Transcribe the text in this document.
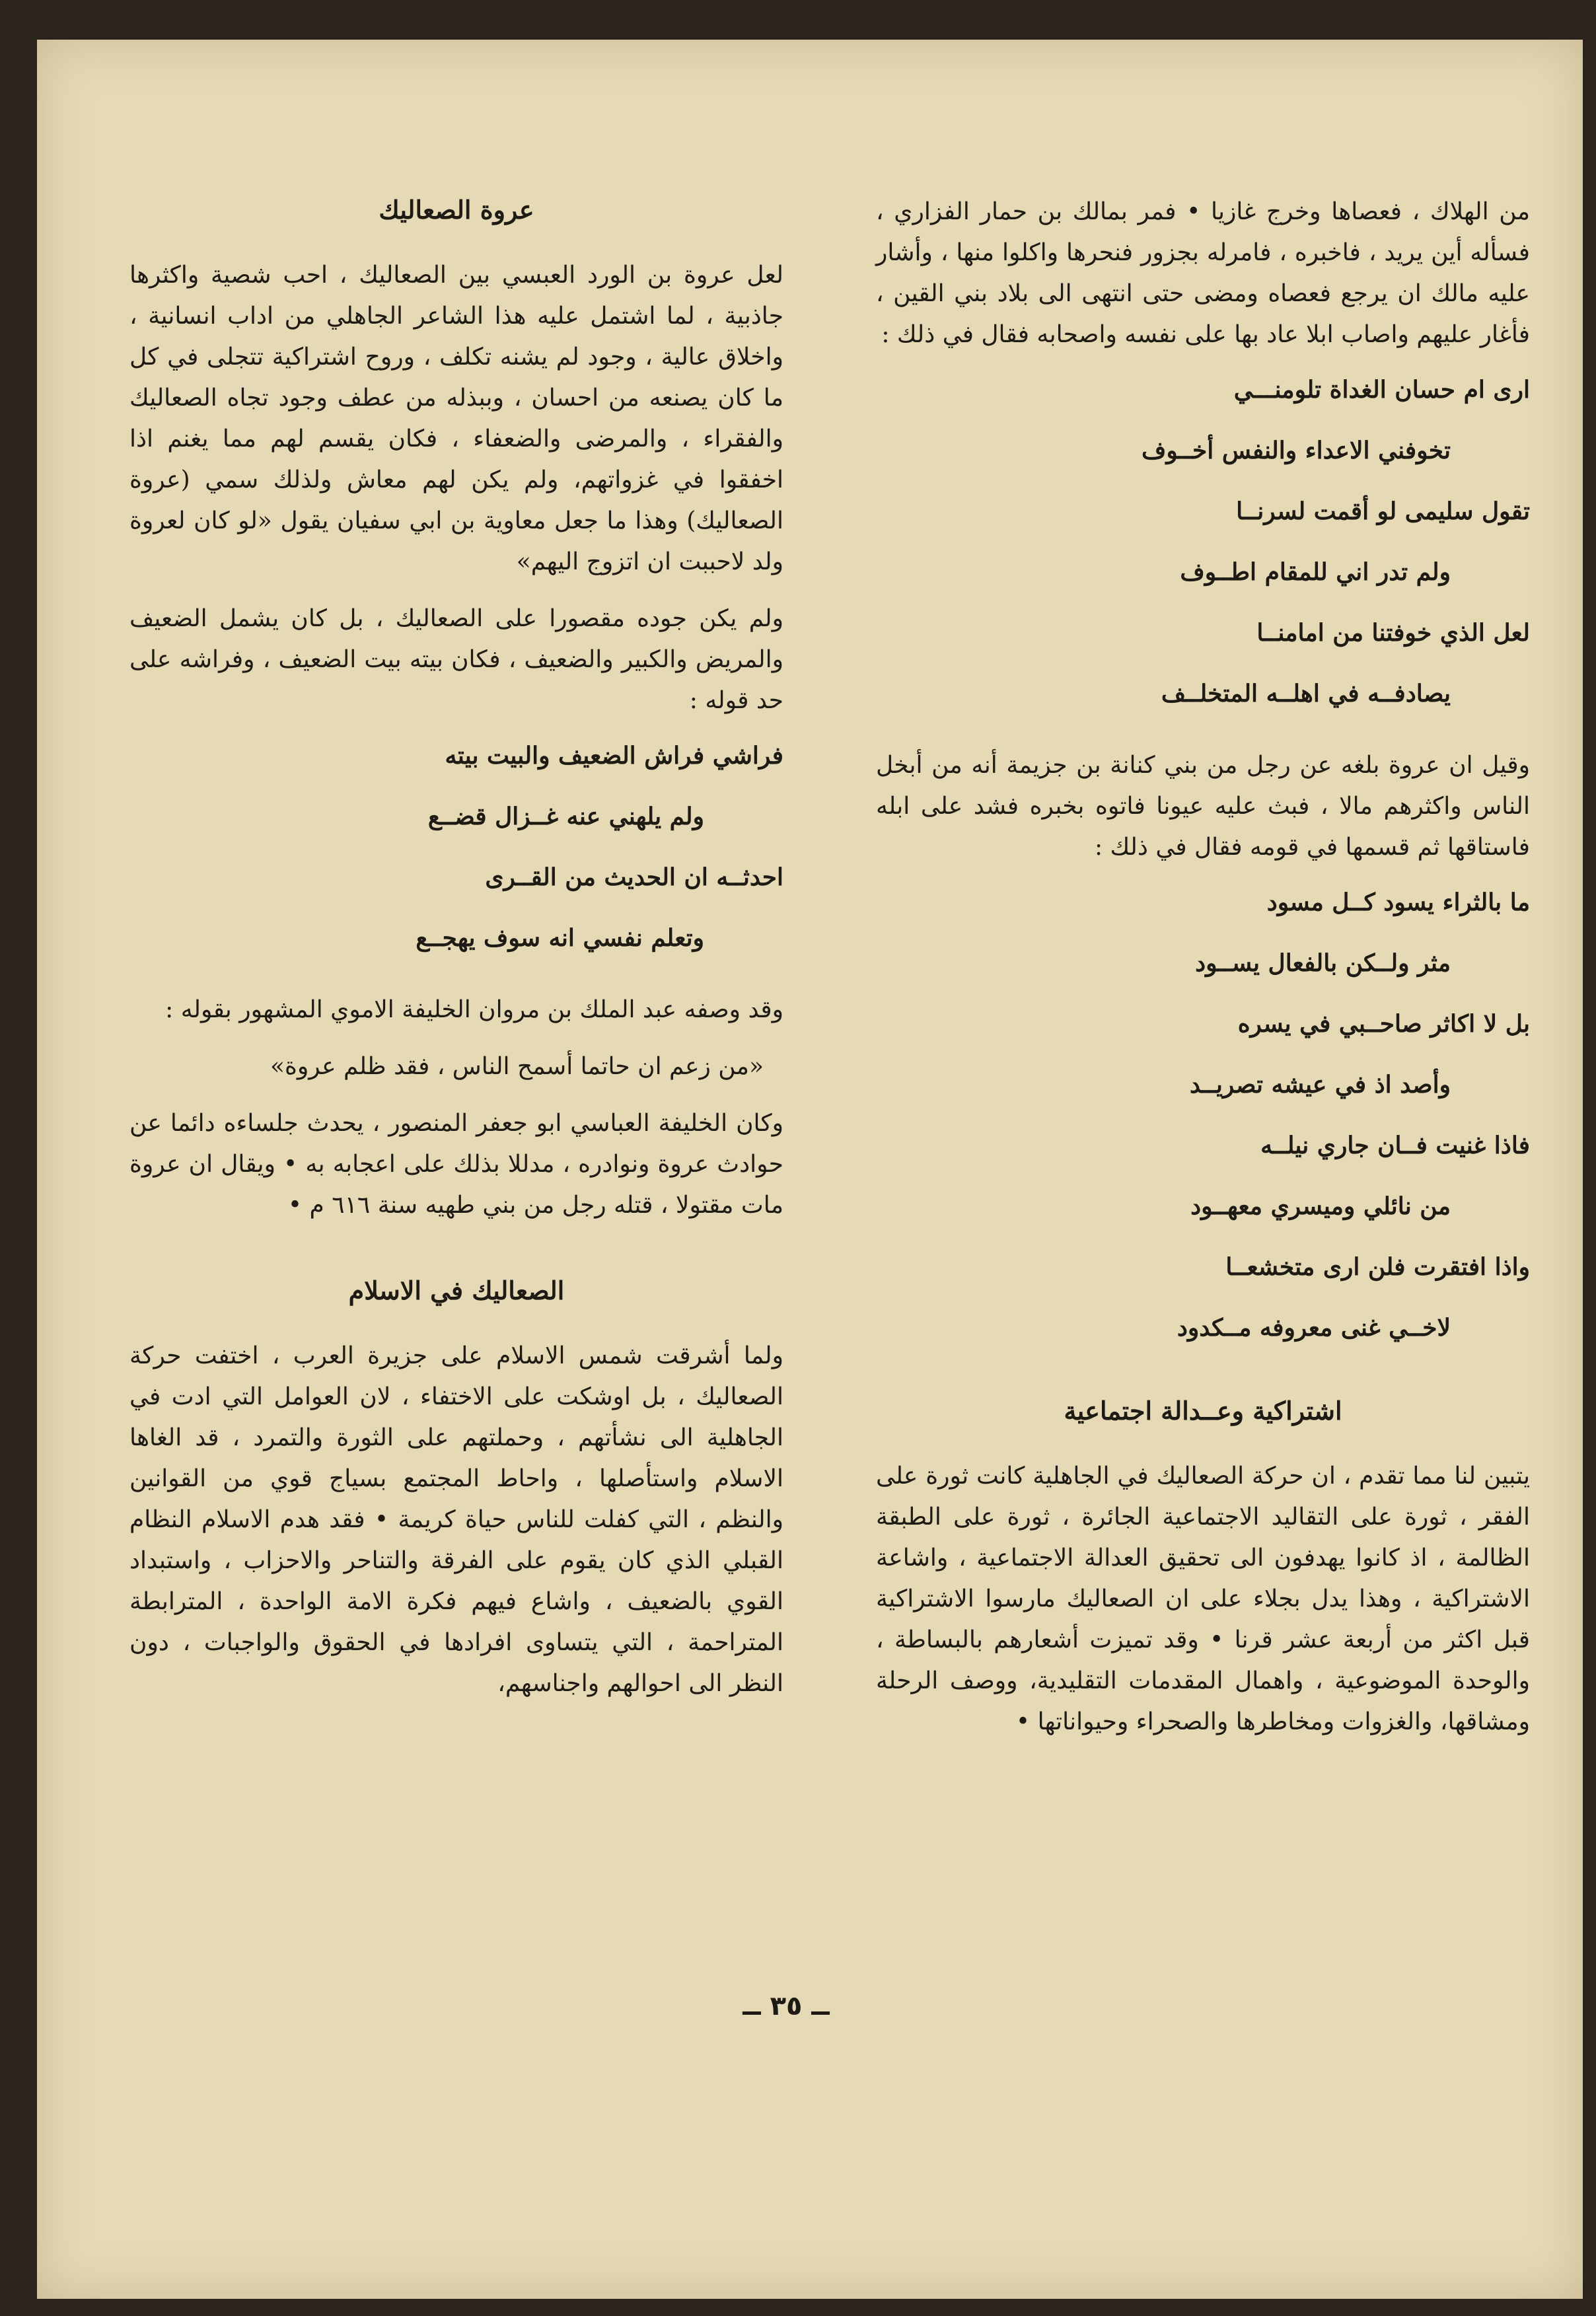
من الهلاك ، فعصاها وخرج غازيا • فمر بمالك بن حمار الفزاري ، فسأله أين يريد ، فاخبره ، فامرله بجزور فنحرها واكلوا منها ، وأشار عليه مالك ان يرجع فعصاه ومضى حتى انتهى الى بلاد بني القين ، فأغار عليهم واصاب ابلا عاد بها على نفسه واصحابه فقال في ذلك :

ارى ام حسان الغداة تلومنـــي
تخوفني الاعداء والنفس أخــوف
تقول سليمى لو أقمت لسرنــا
ولم تدر اني للمقام اطــوف
لعل الذي خوفتنا من امامنــا
يصادفــه في اهلــه المتخلــف

وقيل ان عروة بلغه عن رجل من بني كنانة بن جزيمة أنه من أبخل الناس واكثرهم مالا ، فبث عليه عيونا فاتوه بخبره فشد على ابله فاستاقها ثم قسمها في قومه فقال في ذلك :

ما بالثراء يسود كــل مسود
مثر ولــكن بالفعال يســود
بل لا اكاثر صاحــبي في يسره
وأصد اذ في عيشه تصريــد
فاذا غنيت فــان جاري نيلــه
من نائلي وميسري معهــود
واذا افتقرت فلن ارى متخشعــا
لاخــي غنى معروفه مــكدود
اشتراكية وعــدالة اجتماعية

يتبين لنا مما تقدم ، ان حركة الصعاليك في الجاهلية كانت ثورة على الفقر ، ثورة على التقاليد الاجتماعية الجائرة ، ثورة على الطبقة الظالمة ، اذ كانوا يهدفون الى تحقيق العدالة الاجتماعية ، واشاعة الاشتراكية ، وهذا يدل بجلاء على ان الصعاليك مارسوا الاشتراكية قبل اكثر من أربعة عشر قرنا • وقد تميزت أشعارهم بالبساطة ، والوحدة الموضوعية ، واهمال المقدمات التقليدية، ووصف الرحلة ومشاقها، والغزوات ومخاطرها والصحراء وحيواناتها •

عروة الصعاليك

لعل عروة بن الورد العبسي بين الصعاليك ، احب شصية واكثرها جاذبية ، لما اشتمل عليه هذا الشاعر الجاهلي من اداب انسانية ، واخلاق عالية ، وجود لم يشنه تكلف ، وروح اشتراكية تتجلى في كل ما كان يصنعه من احسان ، وببذله من عطف وجود تجاه الصعاليك والفقراء ، والمرضى والضعفاء ، فكان يقسم لهم مما يغنم اذا اخفقوا في غزواتهم، ولم يكن لهم معاش ولذلك سمي (عروة الصعاليك) وهذا ما جعل معاوية بن ابي سفيان يقول «لو كان لعروة ولد لاحببت ان اتزوج اليهم»

ولم يكن جوده مقصورا على الصعاليك ، بل كان يشمل الضعيف والمريض والكبير والضعيف ، فكان بيته بيت الضعيف ، وفراشه على حد قوله :

فراشي فراش الضعيف والبيت بيته
ولم يلهني عنه غــزال قضــع
احدثــه ان الحديث من القــرى
وتعلم نفسي انه سوف يهجــع

وقد وصفه عبد الملك بن مروان الخليفة الاموي المشهور بقوله :

«من زعم ان حاتما أسمح الناس ، فقد ظلم عروة»

وكان الخليفة العباسي ابو جعفر المنصور ، يحدث جلساءه دائما عن حوادث عروة ونوادره ، مدللا بذلك على اعجابه به • ويقال ان عروة مات مقتولا ، قتله رجل من بني طهيه سنة ٦١٦ م •

الصعاليك في الاسلام

ولما أشرقت شمس الاسلام على جزيرة العرب ، اختفت حركة الصعاليك ، بل اوشكت على الاختفاء ، لان العوامل التي ادت في الجاهلية الى نشأتهم ، وحملتهم على الثورة والتمرد ، قد الغاها الاسلام واستأصلها ، واحاط المجتمع بسياج قوي من القوانين والنظم ، التي كفلت للناس حياة كريمة • فقد هدم الاسلام النظام القبلي الذي كان يقوم على الفرقة والتناحر والاحزاب ، واستبداد القوي بالضعيف ، واشاع فيهم فكرة الامة الواحدة ، المترابطة المتراحمة ، التي يتساوى افرادها في الحقوق والواجبات ، دون النظر الى احوالهم واجناسهم،

ــ ٣٥ ــ
